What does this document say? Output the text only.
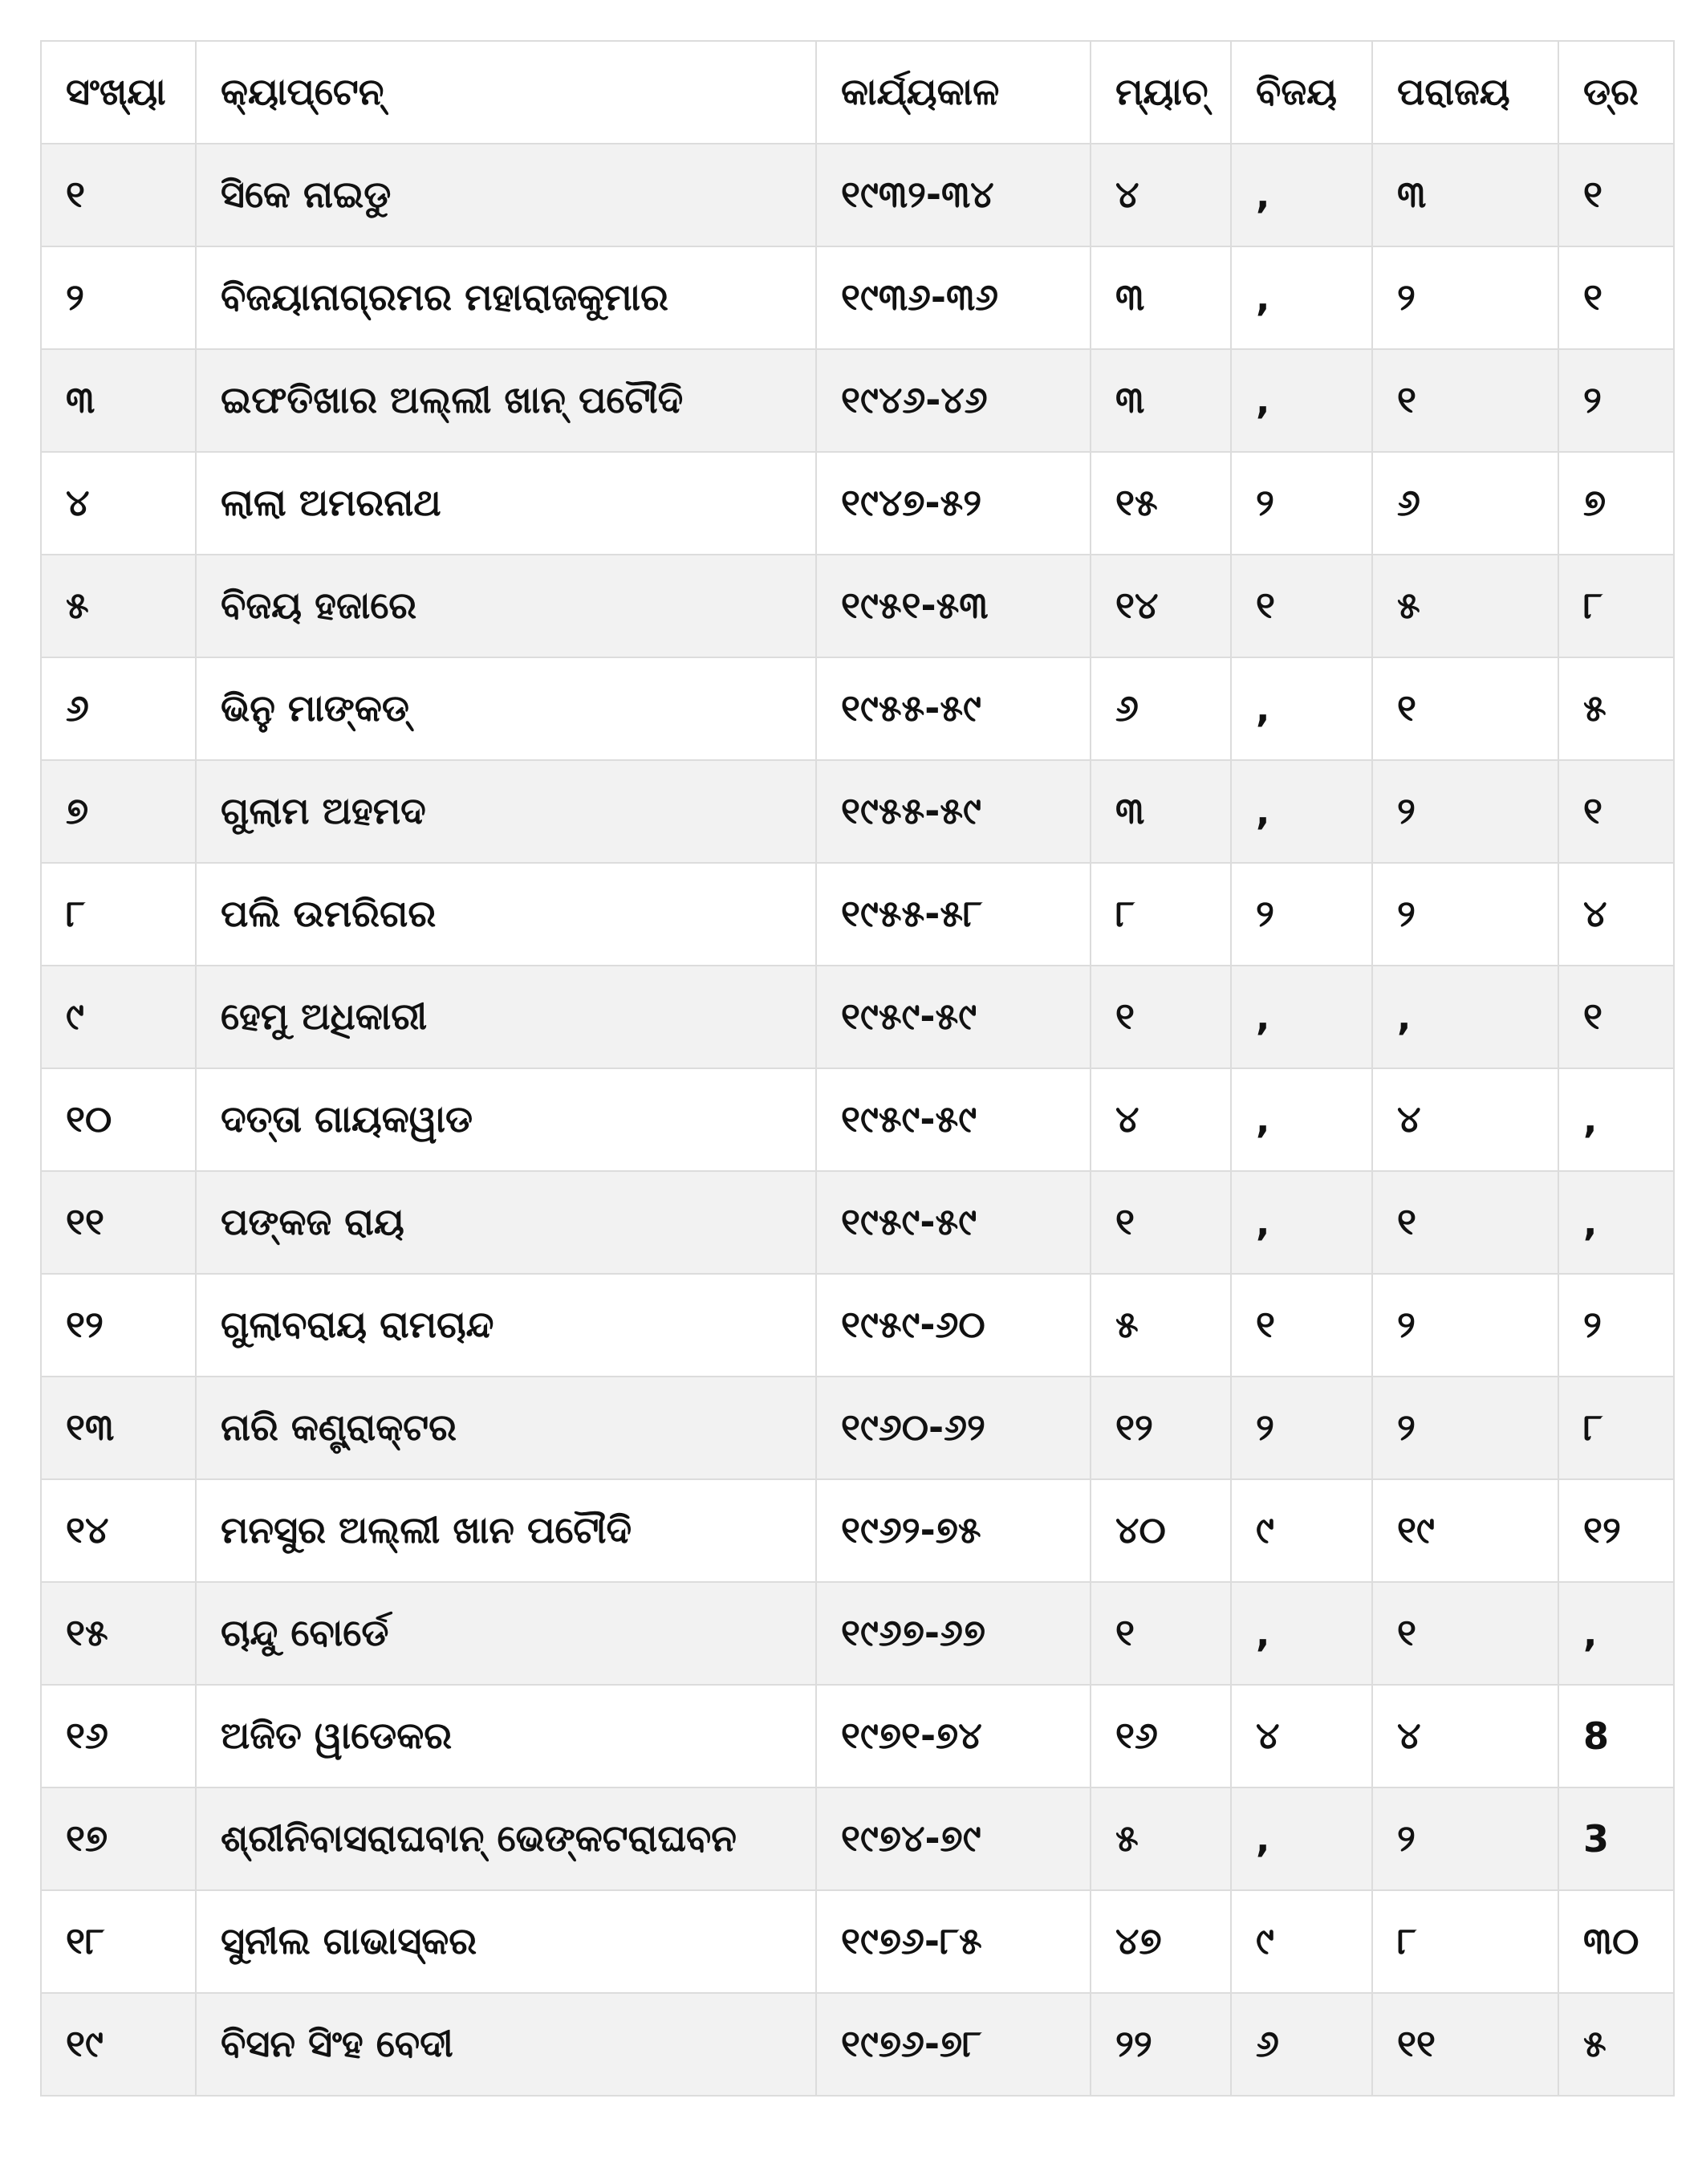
ସଂଖ୍ୟା	କ୍ୟାପ୍ଟେନ୍	କାର୍ଯ୍ୟକାଳ	ମ୍ୟାଚ୍	ବିଜୟ	ପରାଜୟ	ଡ୍ର
୧	ସିକେ ନାଇଡୁ	୧୯୩୨-୩୪	୪	,	୩	୧
୨	ବିଜୟାନାଗ୍ରମର ମହାରାଜକୁମାର	୧୯୩୬-୩୬	୩	,	୨	୧
୩	ଇଫତିଖାର ଅଲ୍ଲୀ ଖାନ୍ ପଟୌଦି	୧୯୪୬-୪୬	୩	,	୧	୨
୪	ଲାଲା ଅମରନାଥ	୧୯୪୭-୫୨	୧୫	୨	୬	୭
୫	ବିଜୟ ହଜାରେ	୧୯୫୧-୫୩	୧୪	୧	୫	୮
୬	ଭିନୁ ମାଙ୍କଡ୍	୧୯୫୫-୫୯	୬	,	୧	୫
୭	ଗୁଲାମ ଅହମଦ	୧୯୫୫-୫୯	୩	,	୨	୧
୮	ପଲି ଉମରିଗର	୧୯୫୫-୫୮	୮	୨	୨	୪
୯	ହେମୁ ଅଧିକାରୀ	୧୯୫୯-୫୯	୧	,	,	୧
୧୦	ଦତ୍ତା ଗାୟକୱାଡ	୧୯୫୯-୫୯	୪	,	୪	,
୧୧	ପଙ୍କଜ ରାୟ	୧୯୫୯-୫୯	୧	,	୧	,
୧୨	ଗୁଲାବରାୟ ରାମଚାନ୍ଦ	୧୯୫୯-୬୦	୫	୧	୨	୨
୧୩	ନାରି କଣ୍ଟ୍ରାକ୍ଟର	୧୯୬୦-୬୨	୧୨	୨	୨	୮
୧୪	ମନସୁର ଅଲ୍ଲୀ ଖାନ ପଟୌଦି	୧୯୬୨-୭୫	୪୦	୯	୧୯	୧୨
୧୫	ଚାନ୍ଦୁ ବୋର୍ଡେ	୧୯୬୭-୬୭	୧	,	୧	,
୧୬	ଅଜିତ ୱାଡେକର	୧୯୭୧-୭୪	୧୬	୪	୪	8
୧୭	ଶ୍ରୀନିବାସରାଘବାନ୍ ଭେଙ୍କଟରାଘବନ	୧୯୭୪-୭୯	୫	,	୨	3
୧୮	ସୁନୀଲ ଗାଭାସ୍କର	୧୯୭୬-୮୫	୪୭	୯	୮	୩୦
୧୯	ବିସନ ସିଂହ ବେଦୀ	୧୯୭୬-୭୮	୨୨	୬	୧୧	୫
